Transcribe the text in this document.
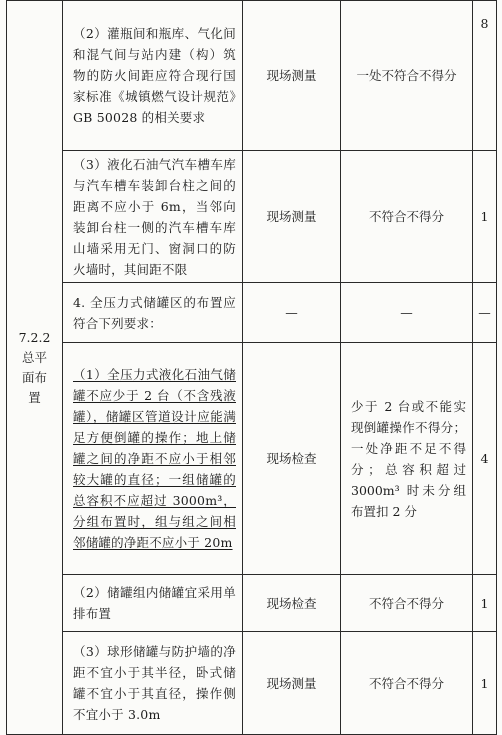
7.2.2
总平面布置	（2）灌瓶间和瓶库、气化间和混气间与站内建（构）筑物的防火间距应符合现行国家标准《城镇燃气设计规范》GB 50028 的相关要求	现场测量	一处不符合不得分	8
	（3）液化石油气汽车槽车库与汽车槽车装卸台柱之间的距离不应小于 6m，当邻向装卸台柱一侧的汽车槽车库山墙采用无门、窗洞口的防火墙时，其间距不限	现场测量	不符合不得分	1
	4. 全压力式储罐区的布置应符合下列要求：	—	—	—
	（1）全压力式液化石油气储罐不应少于 2 台（不含残液罐），储罐区管道设计应能满足方便倒罐的操作；地上储罐之间的净距不应小于相邻较大罐的直径；一组储罐的总容积不应超过 3000m³，分组布置时，组与组之间相邻储罐的净距不应小于 20m	现场检查	少于 2 台或不能实现倒罐操作不得分；一处净距不足不得分；总容积超过 3000m³ 时未分组布置扣 2 分	4
	（2）储罐组内储罐宜采用单排布置	现场检查	不符合不得分	1
	（3）球形储罐与防护墙的净距不宜小于其半径，卧式储罐不宜小于其直径，操作侧不宜小于 3.0m	现场测量	不符合不得分	1
